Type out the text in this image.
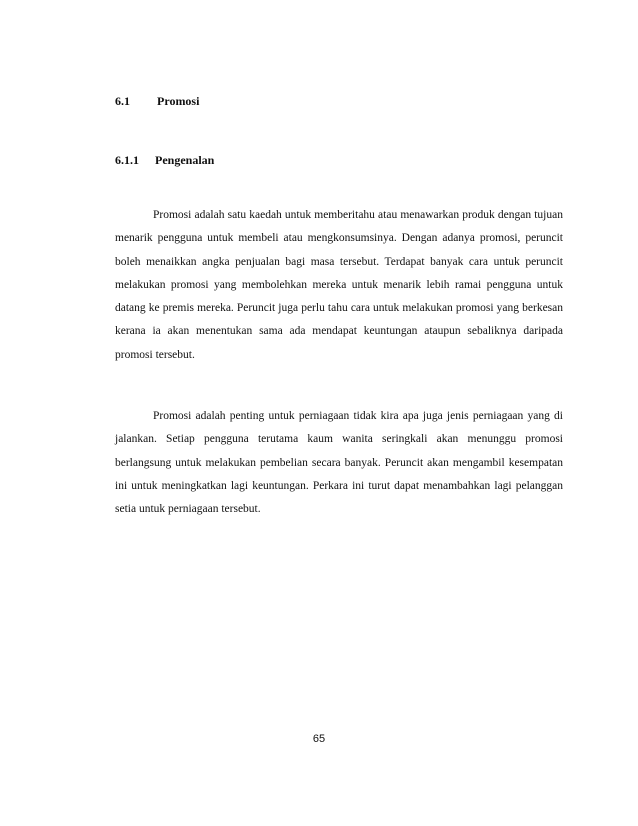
6.1 Promosi
6.1.1 Pengenalan

Promosi adalah satu kaedah untuk memberitahu atau menawarkan produk dengan tujuan menarik pengguna untuk membeli atau mengkonsumsinya. Dengan adanya promosi, peruncit boleh menaikkan angka penjualan bagi masa tersebut. Terdapat banyak cara untuk peruncit melakukan promosi yang membolehkan mereka untuk menarik lebih ramai pengguna untuk datang ke premis mereka. Peruncit juga perlu tahu cara untuk melakukan promosi yang berkesan kerana ia akan menentukan sama ada mendapat keuntungan ataupun sebaliknya daripada promosi tersebut.

Promosi adalah penting untuk perniagaan tidak kira apa juga jenis perniagaan yang di jalankan. Setiap pengguna terutama kaum wanita seringkali akan menunggu promosi berlangsung untuk melakukan pembelian secara banyak. Peruncit akan mengambil kesempatan ini untuk meningkatkan lagi keuntungan. Perkara ini turut dapat menambahkan lagi pelanggan setia untuk perniagaan tersebut.

65
